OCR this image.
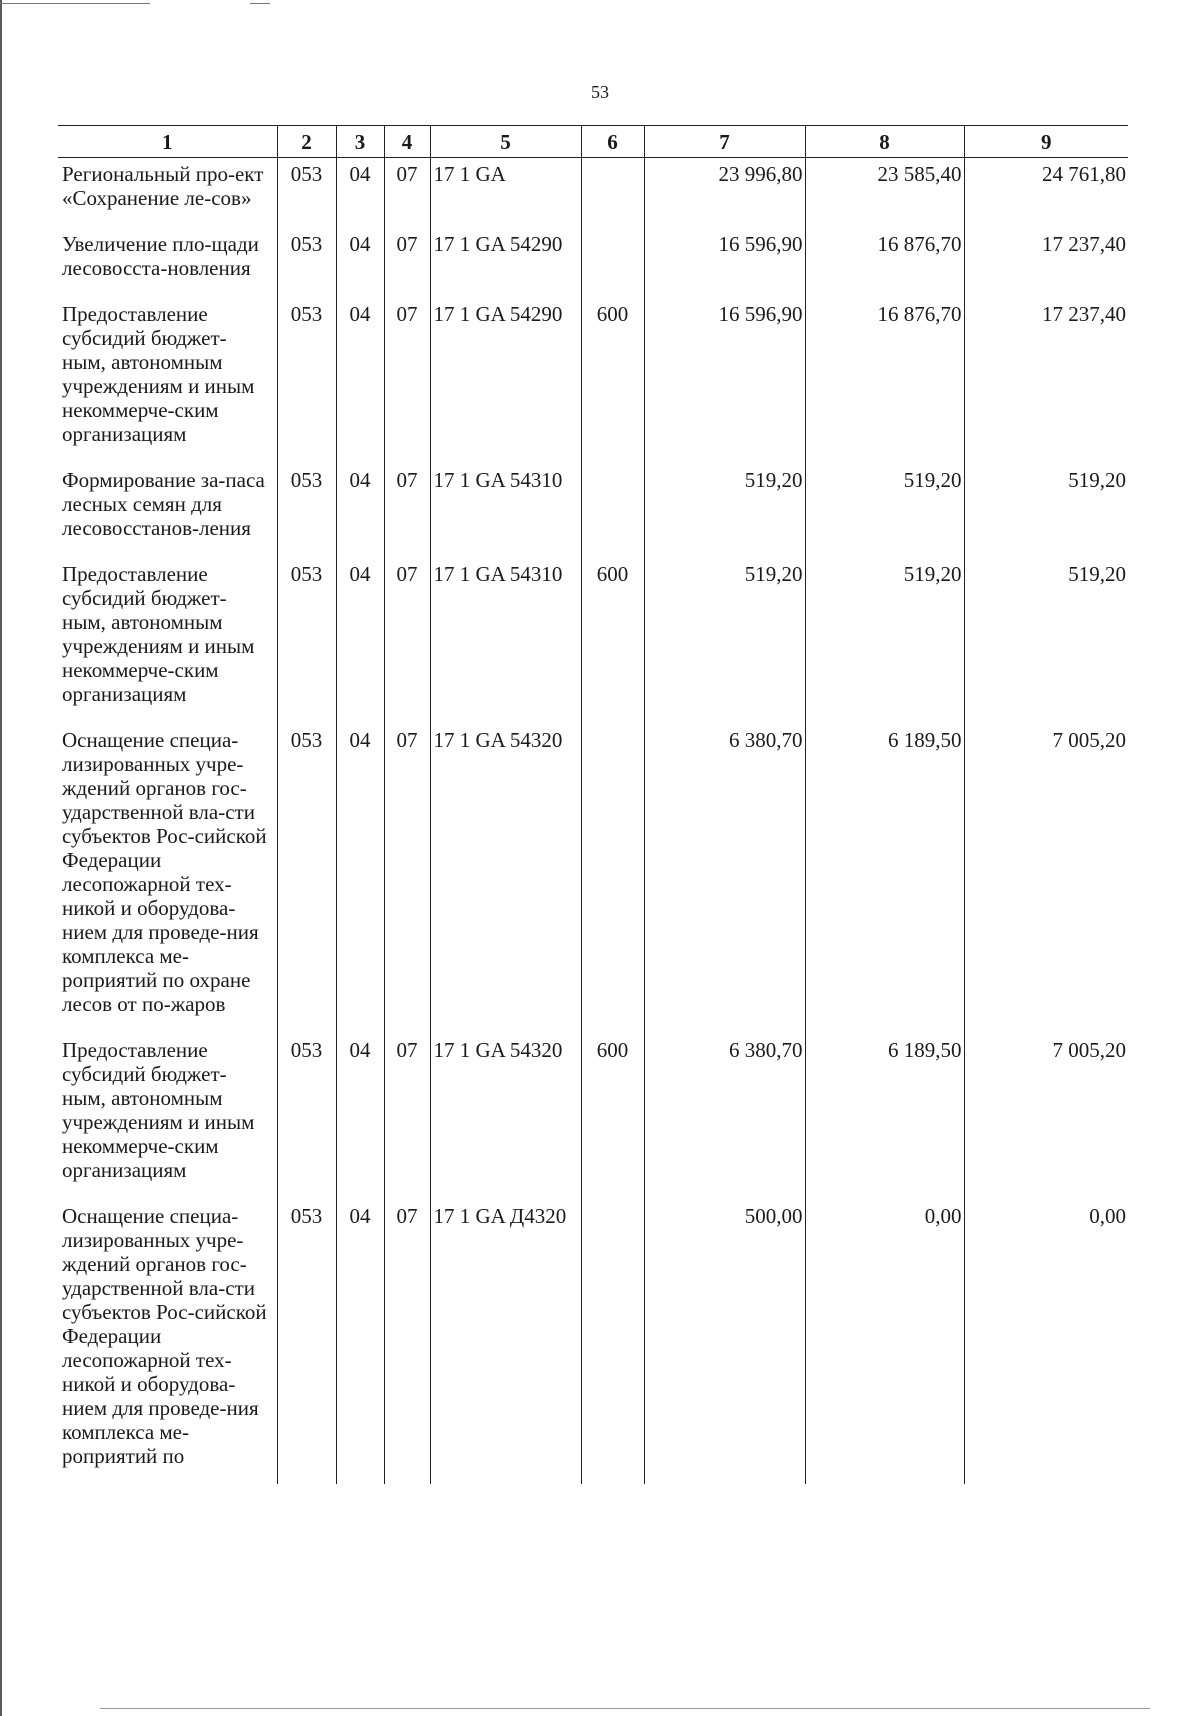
53
1	2	3	4	5	6	7	8	9
Региональный про-ект «Сохранение ле-сов»	053	04	07	17 1 GA		23 996,80	23 585,40	24 761,80
Увеличение пло-щади лесовосста-новления	053	04	07	17 1 GA 54290		16 596,90	16 876,70	17 237,40
Предоставление субсидий бюджет-ным, автономным учреждениям и иным некоммерче-ским организациям	053	04	07	17 1 GA 54290	600	16 596,90	16 876,70	17 237,40
Формирование за-паса лесных семян для лесовосстанов-ления	053	04	07	17 1 GA 54310		519,20	519,20	519,20
Предоставление субсидий бюджет-ным, автономным учреждениям и иным некоммерче-ским организациям	053	04	07	17 1 GA 54310	600	519,20	519,20	519,20
Оснащение специа-лизированных учре-ждений органов гос-ударственной вла-сти субъектов Рос-сийской Федерации лесопожарной тех-никой и оборудова-нием для проведе-ния комплекса ме-роприятий по охране лесов от по-жаров	053	04	07	17 1 GA 54320		6 380,70	6 189,50	7 005,20
Предоставление субсидий бюджет-ным, автономным учреждениям и иным некоммерче-ским организациям	053	04	07	17 1 GA 54320	600	6 380,70	6 189,50	7 005,20
Оснащение специа-лизированных учре-ждений органов гос-ударственной вла-сти субъектов Рос-сийской Федерации лесопожарной тех-никой и оборудова-нием для проведе-ния комплекса ме-роприятий по	053	04	07	17 1 GA Д4320		500,00	0,00	0,00
